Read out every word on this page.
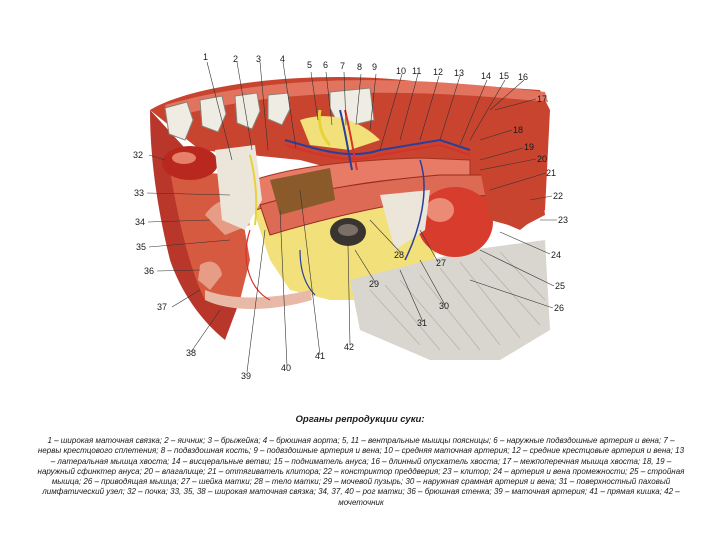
1	2 3 4
5 6 7 8 9 10 11 12 13 14 15 16
17
18
19
20
21
22
23
24
25
26
27
28
29
30
31
32
33
34
35
36
37
38
39
40
41
42
Органы репродукции суки:
1 – широкая маточная связка; 2 – яичник; 3 – брыжейка; 4 – брюшная аорта; 5, 11 – вентральные мышцы поясницы; 6 – наружные подвздошные артерия и вена; 7 – нервы крестцового сплетения; 8 – подвздошная кость; 9 – подвздошные артерия и вена; 10 – средняя маточная артерия; 12 – средние крестцовые артерия и вена; 13 – латеральная мышца хвоста; 14 – висцеральные ветви; 15 – подниматель ануса; 16 – длинный опускатель хвоста; 17 – межпоперечная мышца хвоста; 18, 19 – наружный сфинктер ануса; 20 – влагалище; 21 – оттягиватель клитора; 22 – констриктор преддверия; 23 – клитор; 24 – артерия и вена промежности; 25 – стройная мышца; 26 – приводящая мышца; 27 – шейка матки; 28 – тело матки; 29 – мочевой пузырь; 30 – наружная срамная артерия и вена; 31 – поверхностный паховый лимфатический узел; 32 – почка; 33, 35, 38 – широкая маточная связка; 34, 37, 40 – рог матки; 36 – брюшная стенка; 39 – маточная артерия; 41 – прямая кишка; 42 – мочеточник
